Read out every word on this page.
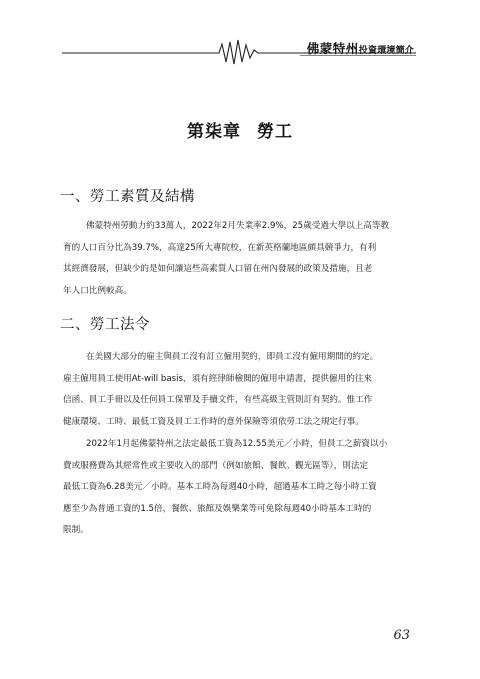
佛蒙特州投資環境簡介
第柒章 勞工
一、勞工素質及結構

佛蒙特州勞動力約33萬人，2022年2月失業率2.9%，25歲受過大學以上高等教
育的人口百分比為39.7%，高達25所大專院校，在新英格蘭地區頗具競爭力，有利
其經濟發展，但缺少的是如何讓這些高素質人口留在州內發展的政策及措施，且老
年人口比例較高。

二、勞工法令

在美國大部分的雇主與員工沒有訂立僱用契約，即員工沒有僱用期間的約定。
雇主僱用員工使用At-will basis，須有經律師檢閱的僱用申請書，提供僱用的往來
信函、員工手冊以及任何員工保單及手續文件，有些高級主管則訂有契約。惟工作
健康環境、工時、最低工資及員工工作時的意外保險等須依勞工法之規定行事。

2022年1月起佛蒙特州之法定最低工資為12.55美元／小時，但員工之薪資以小
費或服務費為其經常性或主要收入的部門（例如旅館、餐飲、觀光區等），則法定
最低工資為6.28美元／小時。基本工時為每週40小時，超過基本工時之每小時工資
應至少為普通工資的1.5倍，餐飲、旅館及娛樂業等可免除每週40小時基本工時的
限制。

63
